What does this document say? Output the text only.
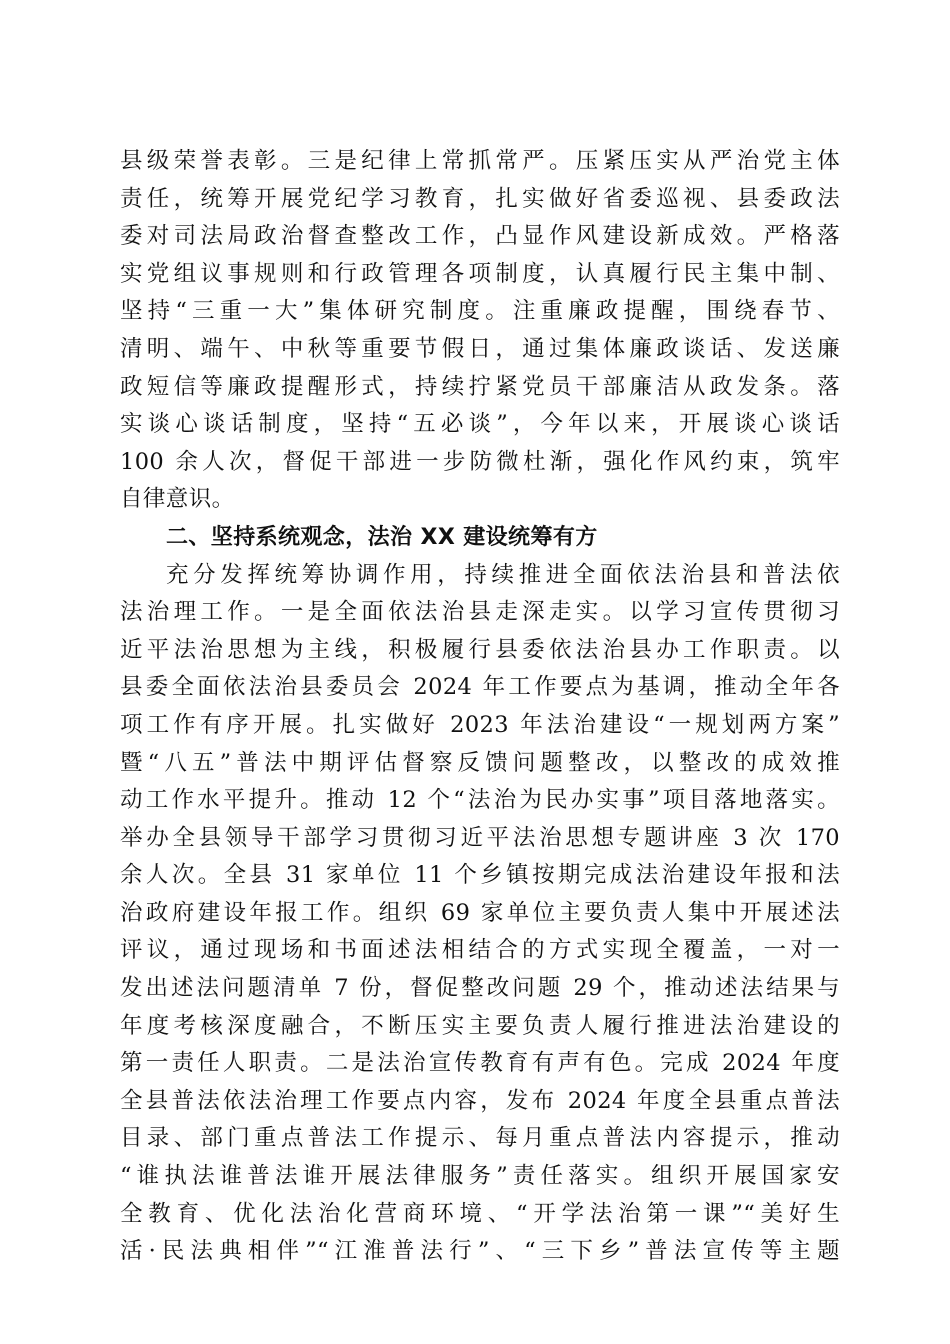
县级荣誉表彰。三是纪律上常抓常严。压紧压实从严治党主体
责任，统筹开展党纪学习教育，扎实做好省委巡视、县委政法
委对司法局政治督查整改工作，凸显作风建设新成效。严格落
实党组议事规则和行政管理各项制度，认真履行民主集中制、
坚持“三重一大”集体研究制度。注重廉政提醒，围绕春节、
清明、端午、中秋等重要节假日，通过集体廉政谈话、发送廉
政短信等廉政提醒形式，持续拧紧党员干部廉洁从政发条。落
实谈心谈话制度，坚持“五必谈”，今年以来，开展谈心谈话
100 余人次，督促干部进一步防微杜渐，强化作风约束，筑牢
自律意识。
二、坚持系统观念，法治 XX 建设统筹有方
充分发挥统筹协调作用，持续推进全面依法治县和普法依
法治理工作。一是全面依法治县走深走实。以学习宣传贯彻习
近平法治思想为主线，积极履行县委依法治县办工作职责。以
县委全面依法治县委员会 2024 年工作要点为基调，推动全年各
项工作有序开展。扎实做好 2023 年法治建设“一规划两方案”
暨“八五”普法中期评估督察反馈问题整改，以整改的成效推
动工作水平提升。推动 12 个“法治为民办实事”项目落地落实。
举办全县领导干部学习贯彻习近平法治思想专题讲座 3 次 170
余人次。全县 31 家单位 11 个乡镇按期完成法治建设年报和法
治政府建设年报工作。组织 69 家单位主要负责人集中开展述法
评议，通过现场和书面述法相结合的方式实现全覆盖，一对一
发出述法问题清单 7 份，督促整改问题 29 个，推动述法结果与
年度考核深度融合，不断压实主要负责人履行推进法治建设的
第一责任人职责。二是法治宣传教育有声有色。完成 2024 年度
全县普法依法治理工作要点内容，发布 2024 年度全县重点普法
目录、部门重点普法工作提示、每月重点普法内容提示，推动
“谁执法谁普法谁开展法律服务”责任落实。组织开展国家安
全教育、优化法治化营商环境、“开学法治第一课”“美好生
活·民法典相伴”“江淮普法行”、“三下乡”普法宣传等主题
